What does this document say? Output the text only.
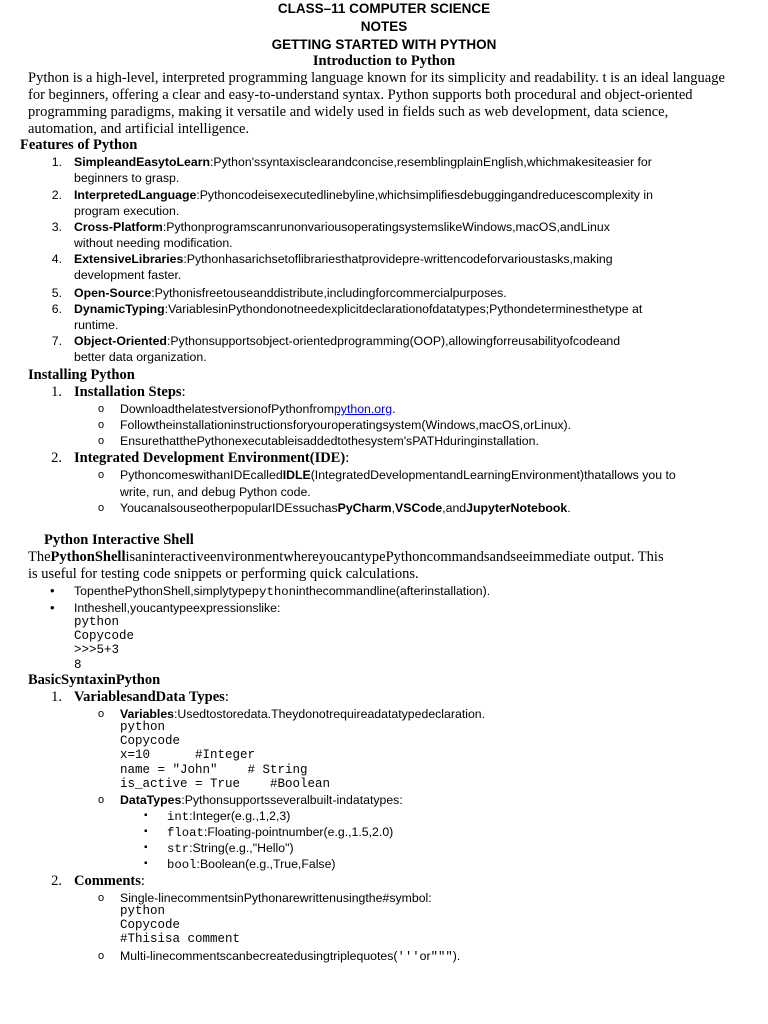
CLASS–11 COMPUTER SCIENCE
NOTES
GETTING STARTED WITH PYTHON
Introduction to Python
Python is a high-level, interpreted programming language known for its simplicity and readability. t is an ideal language for beginners, offering a clear and easy-to-understand syntax. Python supports both procedural and object-oriented programming paradigms, making it versatile and widely used in fields such as web development, data science, automation, and artificial intelligence.
Features of Python
1. SimpleandEasytoLearn:Python'ssyntaxisclearandconcise,resemblingplainEnglish,whichmakesiteasier for
beginners to grasp.
2. InterpretedLanguage:Pythoncodeisexecutedlinebyline,whichsimplifiesdebuggingandreducescomplexity in
program execution.
3. Cross-Platform:PythonprogramscanrunonvariousoperatingsystemslikeWindows,macOS,andLinux
without needing modification.
4. ExtensiveLibraries:Pythonhasarichsetoflibrariesthatprovidepre-writtencodeforvarioustasks,making
development faster.
5. Open-Source:Pythonisfreetouseanddistribute,includingforcommercialpurposes.
6. DynamicTyping:VariablesinPythondonotneedexplicitdeclarationofdatatypes;Pythondeterminesthetype at
runtime.
7. Object-Oriented:Pythonsupportsobject-orientedprogramming(OOP),allowingforreusabilityofcodeand
better data organization.
Installing Python
1. Installation Steps:
o DownloadthelatestversionofPythonfrompython.org.
o Followtheinstallationinstructionsforyouroperatingsystem(Windows,macOS,orLinux).
o EnsurethatthePythonexecutableisaddedtothesystem'sPATHduringinstallation.
2. Integrated Development Environment(IDE):
o PythoncomeswithanIDEcalledIDLE(IntegratedDevelopmentandLearningEnvironment)thatallows you to
write, run, and debug Python code.
o YoucanalsouseotherpopularIDEssuchasPyCharm,VSCode,andJupyterNotebook.
Python Interactive Shell
ThePythonShellisaninteractiveenvironmentwhereyoucantypePythoncommandsandseeimmediate output. This
is useful for testing code snippets or performing quick calculations.
• TopenthePythonShell,simplytypepythoninthecommandline(afterinstallation).
• Intheshell,youcantypeexpressionslike:
python
Copycode
>>>5+3
8
BasicSyntaxinPython
1. VariablesandData Types:
o Variables:Usedtostoredata.Theydonotrequireadatatypedeclaration.
python
Copycode
x=10      #Integer
name = "John"    # String
is_active = True    #Boolean
o DataTypes:Pythonsupportsseveralbuilt-indatatypes:
▪ int:Integer(e.g.,1,2,3)
▪ float:Floating-pointnumber(e.g.,1.5,2.0)
▪ str:String(e.g.,"Hello")
▪ bool:Boolean(e.g.,True,False)
2. Comments:
o Single-linecommentsinPythonarewrittenusingthe#symbol:
python
Copycode
#Thisisa comment
o Multi-linecommentscanbecreatedusingtriplequotes('''or""").
